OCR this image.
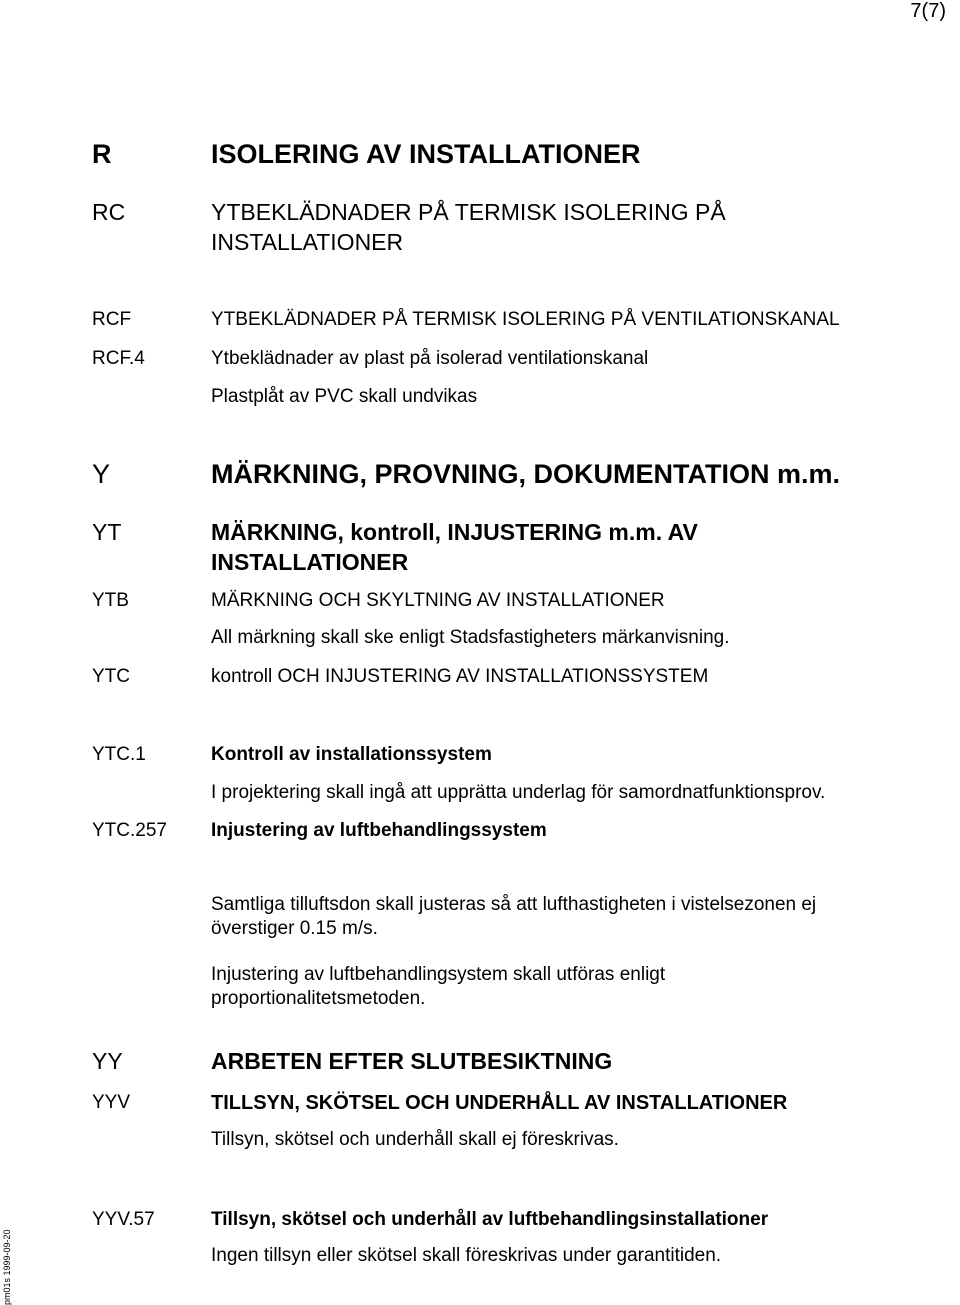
7(7)
R	ISOLERING AV INSTALLATIONER
RC	YTBEKLÄDNADER PÅ TERMISK ISOLERING PÅ INSTALLATIONER
RCF	YTBEKLÄDNADER PÅ TERMISK ISOLERING PÅ VENTILATIONSKANAL
RCF.4	Ytbeklädnader av plast på isolerad ventilationskanal
Plastplåt av PVC skall undvikas
Y	MÄRKNING, PROVNING, DOKUMENTATION m.m.
YT	MÄRKNING, kontroll, INJUSTERING m.m. AV INSTALLATIONER
YTB	MÄRKNING OCH SKYLTNING AV INSTALLATIONER
All märkning skall ske enligt Stadsfastigheters märkanvisning.
YTC	kontroll OCH INJUSTERING AV INSTALLATIONSSYSTEM
YTC.1	Kontroll av installationssystem
I projektering skall ingå att upprätta underlag för samordnatfunktionsprov.
YTC.257 Injustering av luftbehandlingssystem
Samtliga tilluftsdon skall justeras så att lufthastigheten i vistelsezonen ej överstiger 0.15 m/s.
Injustering av luftbehandlingsystem skall utföras enligt proportionalitetsmetoden.
YY	ARBETEN EFTER SLUTBESIKTNING
YYV	TILLSYN, SKÖTSEL OCH UNDERHÅLL AV INSTALLATIONER
Tillsyn, skötsel och underhåll skall ej föreskrivas.
YYV.57	Tillsyn, skötsel och underhåll av luftbehandlingsinstallationer
Ingen tillsyn eller skötsel skall föreskrivas under garantitiden.
pm01s 1999-09-20
